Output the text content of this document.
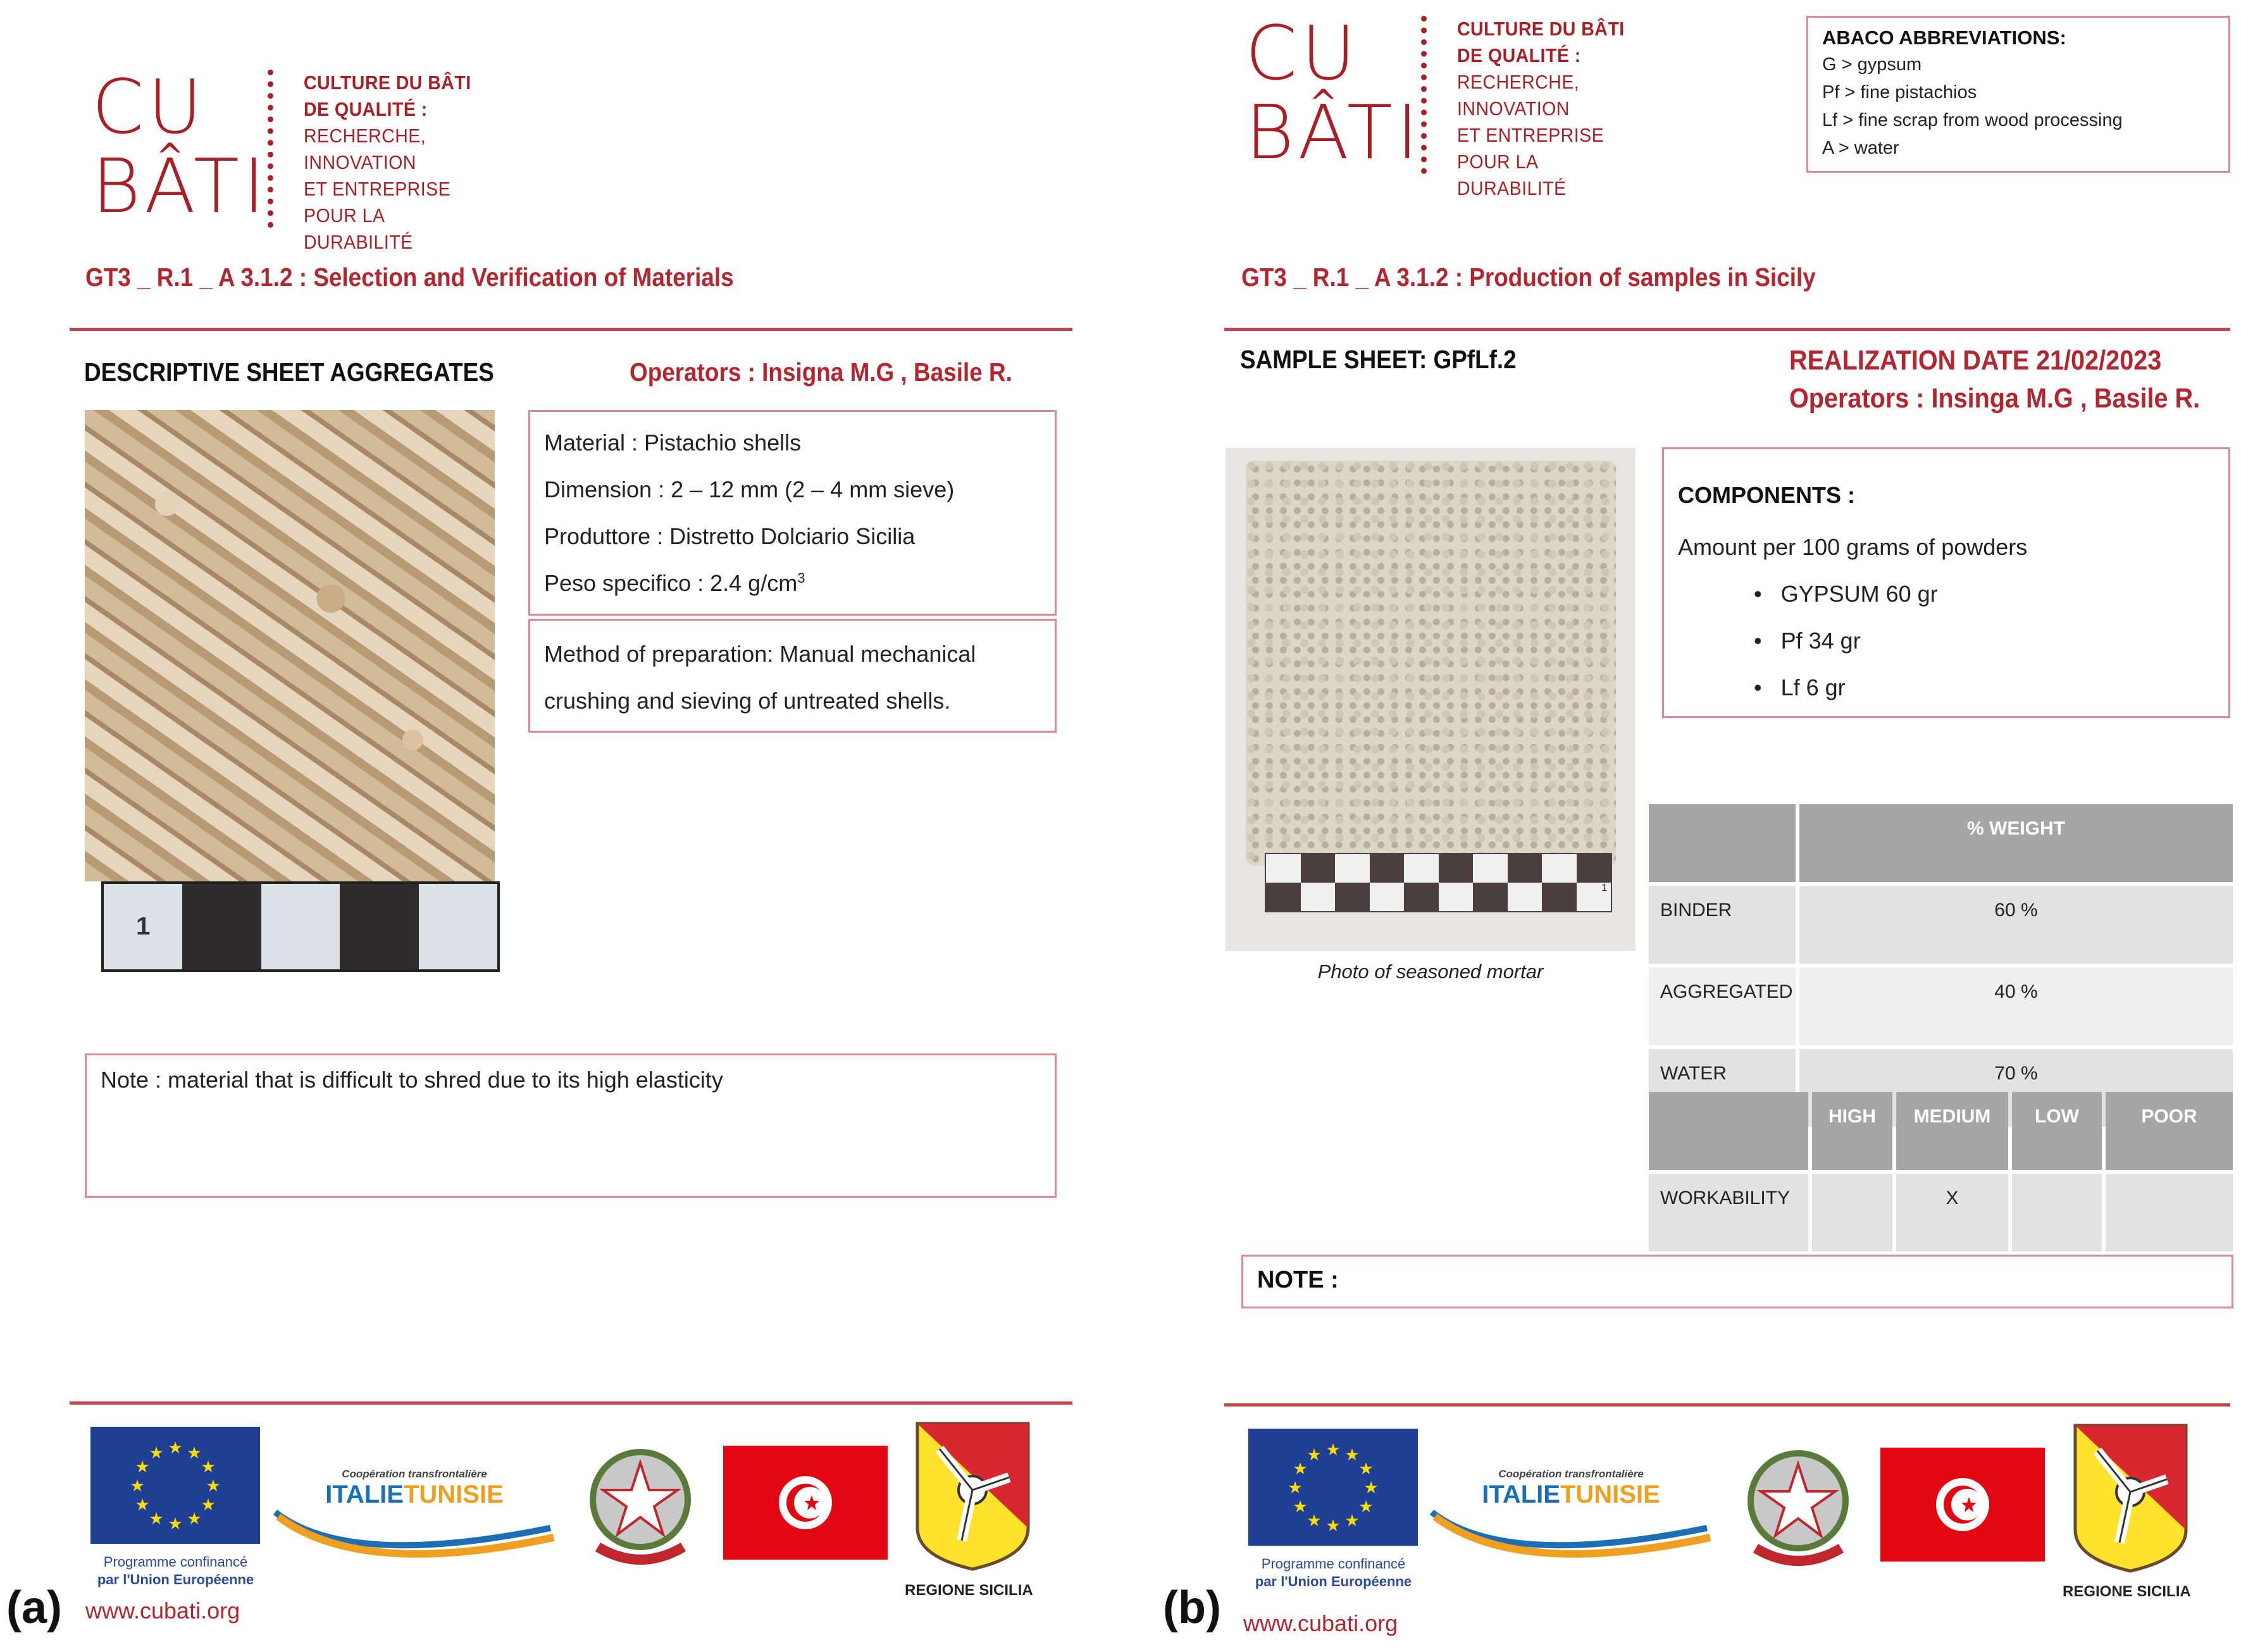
CU
BÂTI
CULTURE DU BÂTI
DE QUALITÉ :
RECHERCHE,
INNOVATION
ET ENTREPRISE
POUR LA DURABILITÉ
GT3 _ R.1 _ A 3.1.2 : Selection and Verification of Materials
DESCRIPTIVE SHEET AGGREGATES	Operators : Insigna M.G , Basile R.
1
Material : Pistachio shells
Dimension : 2 – 12 mm (2 – 4 mm sieve)
Produttore : Distretto Dolciario Sicilia
Peso specifico : 2.4 $g/cm^3$
Method of preparation: Manual mechanical
crushing and sieving of untreated shells.
Note : material that is difficult to shred due to its high elasticity
★ ★
★
★
★
★
★
★
★
★
★
★
Programme confinancé
par l'Union Européenne
www.cubati.org
Coopération transfrontalière
ITALIETUNISIE
REGIONE SICILIA
(a)
CU
BÂTI
CULTURE DU BÂTI
DE QUALITÉ :
RECHERCHE,
INNOVATION
ET ENTREPRISE
POUR LA DURABILITÉ
ABACO ABBREVIATIONS:
G > gypsum
Pf > fine pistachios
Lf > fine scrap from wood processing
A > water
GT3 _ R.1 _ A 3.1.2 : Production of samples in Sicily
SAMPLE SHEET: GPfLf.2	REALIZATION DATE 21/02/2023
Operators : Insinga M.G , Basile R.
1
Photo of seasoned mortar
COMPONENTS :
Amount per 100 grams of powders
•   GYPSUM 60 gr
•   Pf 34 gr
•   Lf 6 gr
	% WEIGHT
BINDER	60 %
AGGREGATED	40 %
WATER	70 %
	HIGH	MEDIUM	LOW	POOR
WORKABILITY		X		
NOTE :
★ ★
★
★
★
★
★
★
★
★
★
★
Programme confinancé
par l'Union Européenne
www.cubati.org
Coopération transfrontalière
ITALIETUNISIE
REGIONE SICILIA
(b)
